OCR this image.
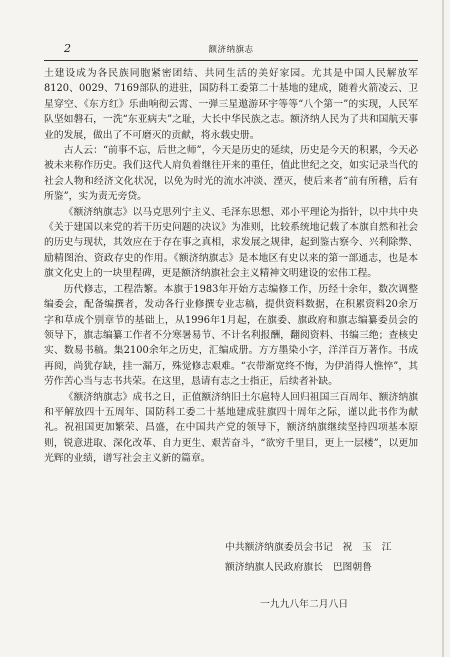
2	额济纳旗志

土建设成为各民族同胞紧密团结、共同生活的美好家园。尤其是中国人民解放军8120、0029、7169部队的进驻，国防科工委第二十基地的建成，随着火箭凌云、卫星穿空、《东方红》乐曲响彻云霄、一弹三星遨游环宇等等“八个第一”的实现，人民军队坚如磐石，一洗“东亚病夫”之耻，大长中华民族之志。额济纳人民为了共和国航天事业的发展，做出了不可磨灭的贡献，将永载史册。

古人云：“前事不忘，后世之师”，今天是历史的延续，历史是今天的积累，今天必被未来称作历史。我们这代人肩负着继往开来的重任，值此世纪之交，如实记录当代的社会人物和经济文化状况，以免为时光的流水冲淡、湮灭，使后来者“前有所稽，后有所鉴”，实为责无旁贷。

《额济纳旗志》以马克思列宁主义、毛泽东思想、邓小平理论为指针，以中共中央《关于建国以来党的若干历史问题的决议》为准则，比较系统地记载了本旗自然和社会的历史与现状，其效应在于存在事之真相，求发展之规律，起到鉴古察今、兴利除弊、励精图治、资政存史的作用。《额济纳旗志》是本地区有史以来的第一部通志，也是本旗文化史上的一块里程碑，更是额济纳旗社会主义精神文明建设的宏伟工程。

历代修志，工程浩繁。本旗于1983年开始方志编修工作，历经十余年，数次调整编委会，配备编撰者，发动各行业修撰专业志稿，提供资料数据，在积累资料20余万字和草成个别章节的基础上，从1996年1月起，在旗委、旗政府和旗志编纂委员会的领导下，旗志编纂工作者不分寒暑易节、不计名利报酬，翻阅资料、书编三绝；查核史实、数易书稿。集2100余年之历史，汇编成册。方方墨染小字，洋洋百万著作。书成再阅，尚犹存缺，挂一漏万，殊觉修志艰难。“衣带渐宽终不悔，为伊消得人憔悴”，其劳作苦心当与志书共荣。在这里，恳请有志之士指正，后续者补缺。

《额济纳旗志》成书之日，正值额济纳旧土尔扈特人回归祖国三百周年、额济纳旗和平解放四十五周年、国防科工委二十基地建成驻旗四十周年之际，谨以此书作为献礼。祝祖国更加繁荣、昌盛，在中国共产党的领导下，额济纳旗继续坚持四项基本原则，锐意进取、深化改革、自力更生、艰苦奋斗，“欲穷千里目，更上一层楼”，以更加光辉的业绩，谱写社会主义新的篇章。

中共额济纳旗委员会书记　祝　玉　江
额济纳旗人民政府旗长　巴图朝鲁
一九九八年二月八日
